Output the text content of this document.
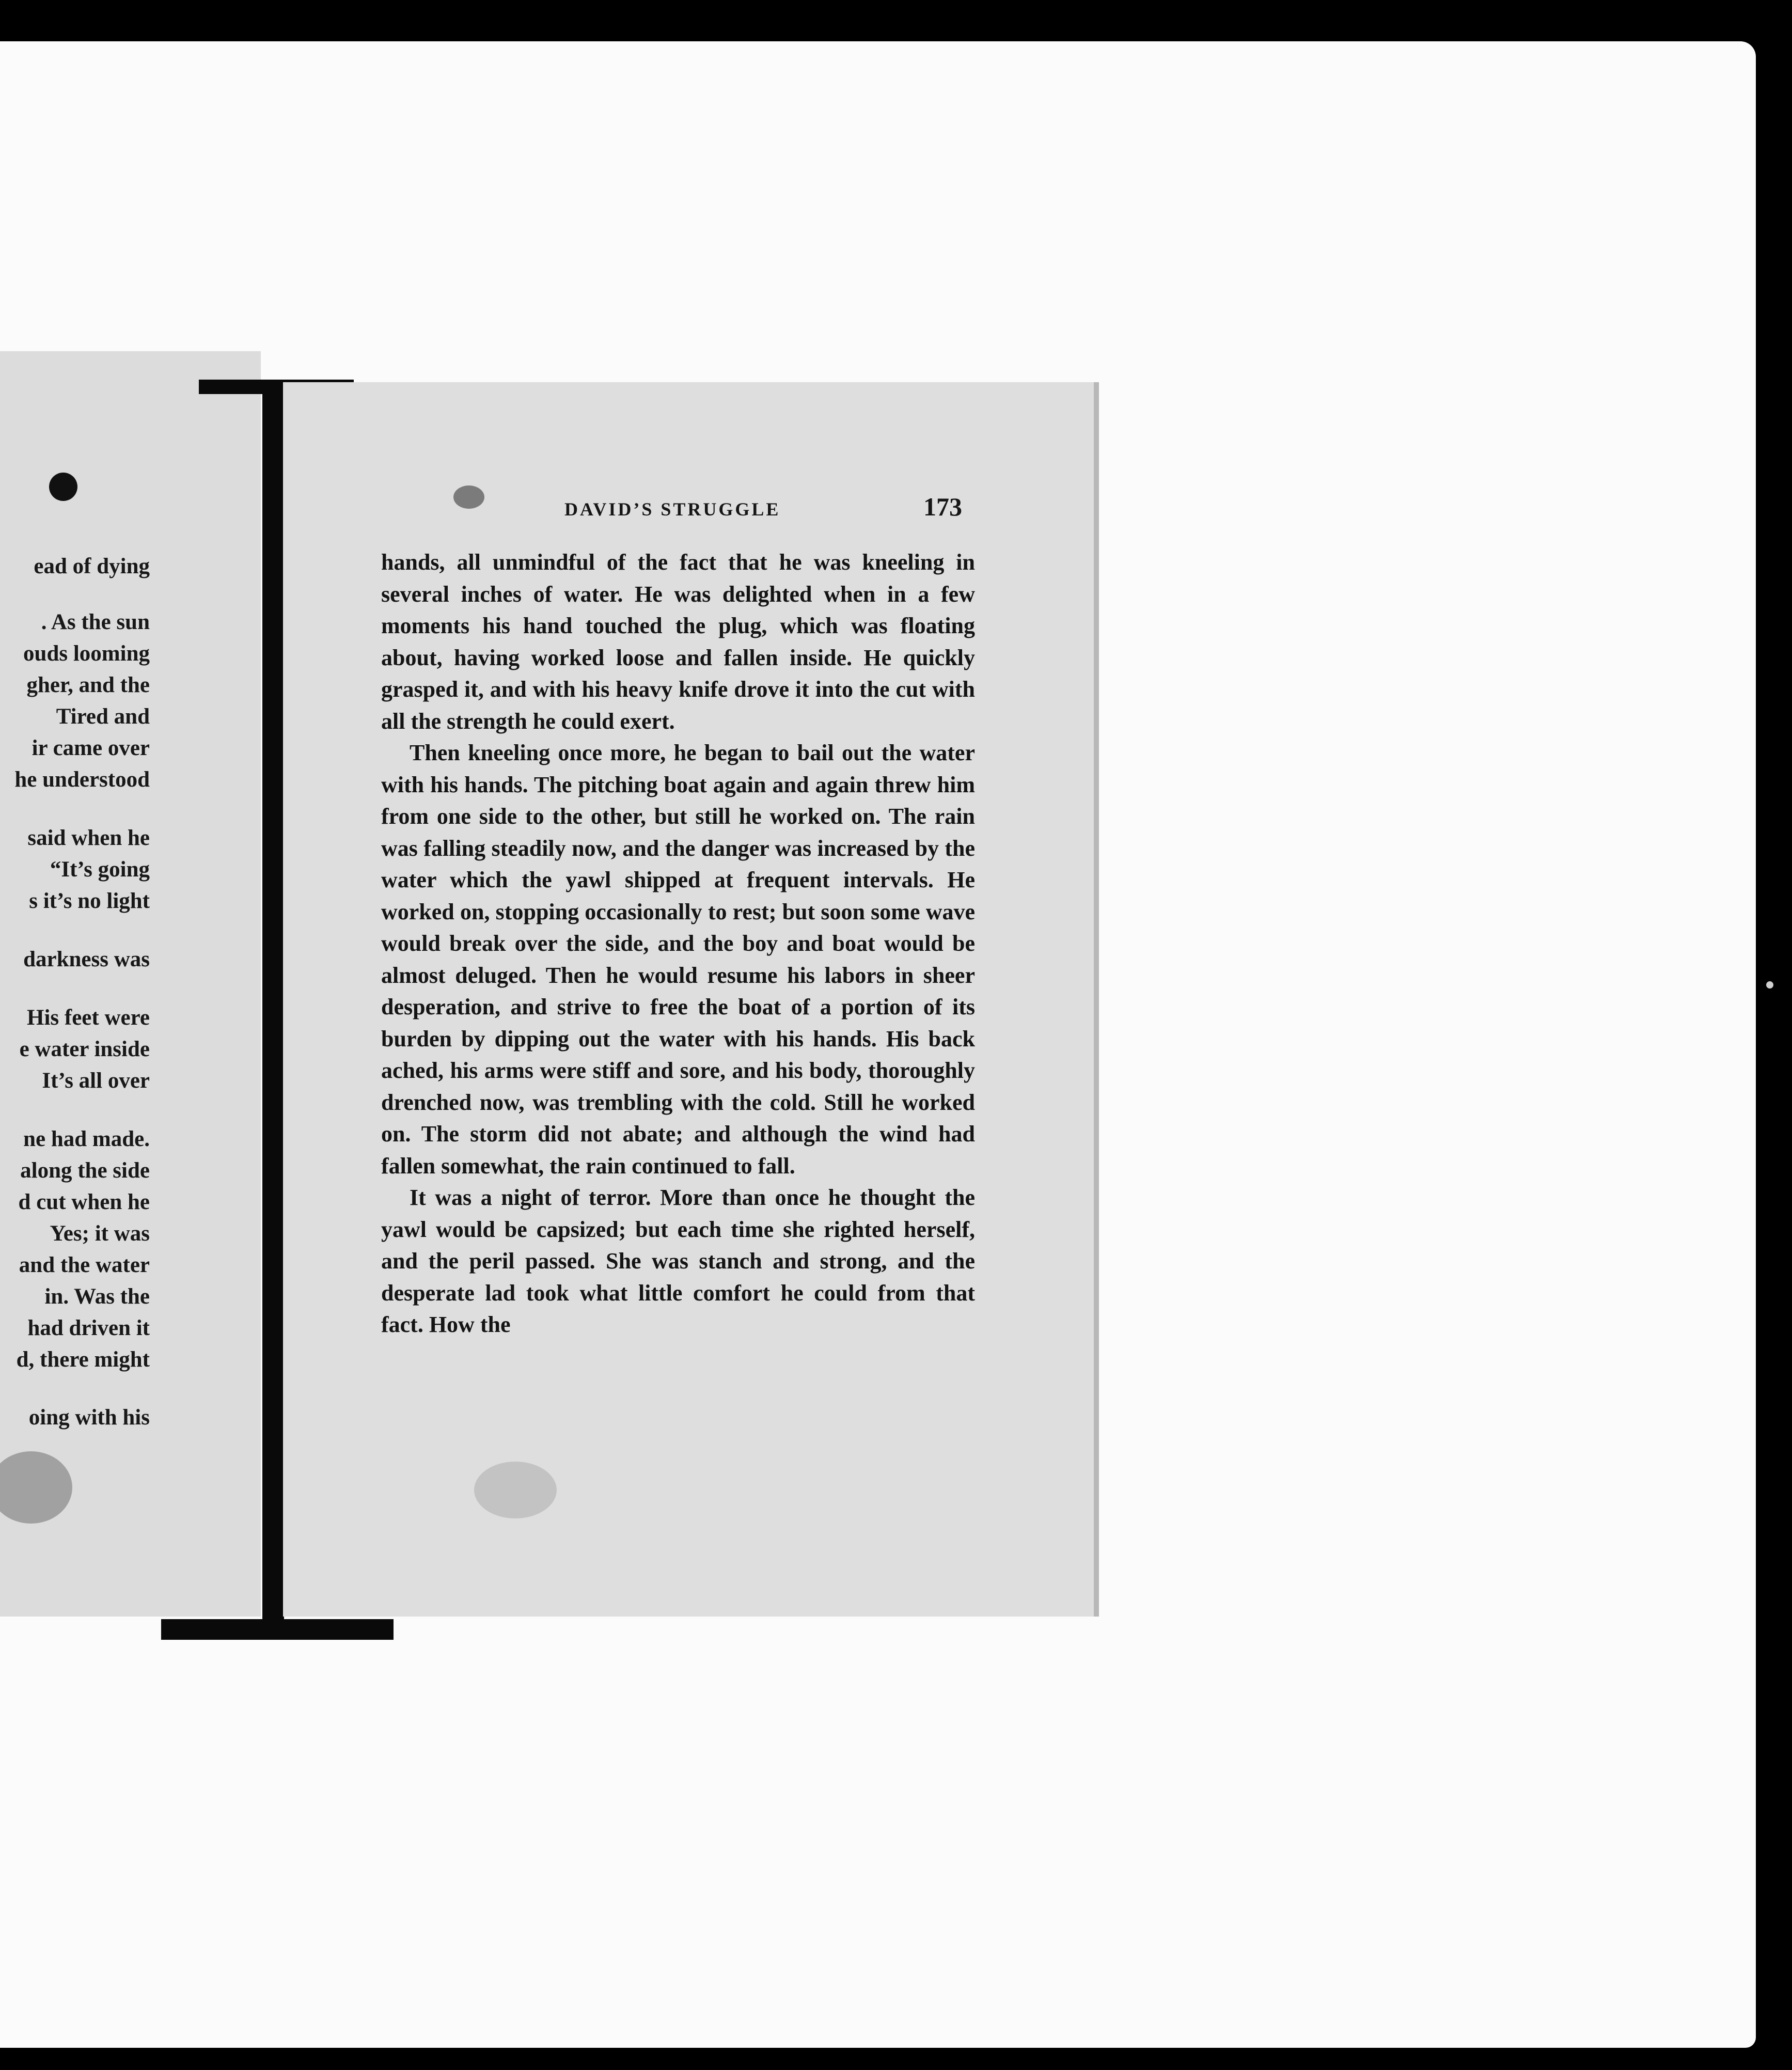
ead of dying
. As the sun
ouds looming
gher, and the
Tired and
ir came over
he understood
said when he
“It’s going
s it’s no light
darkness was
His feet were
e water inside
It’s all over
ne had made.
along the side
d cut when he
Yes; it was
and the water
in. Was the
had driven it
d, there might
oing with his
DAVID’S STRUGGLE	173

hands, all unmindful of the fact that he was kneeling in several inches of water. He was delighted when in a few moments his hand touched the plug, which was floating about, having worked loose and fallen inside. He quickly grasped it, and with his heavy knife drove it into the cut with all the strength he could exert.

Then kneeling once more, he began to bail out the water with his hands. The pitching boat again and again threw him from one side to the other, but still he worked on. The rain was falling steadily now, and the danger was increased by the water which the yawl shipped at frequent intervals. He worked on, stopping occasionally to rest; but soon some wave would break over the side, and the boy and boat would be almost deluged. Then he would resume his labors in sheer desperation, and strive to free the boat of a portion of its burden by dipping out the water with his hands. His back ached, his arms were stiff and sore, and his body, thoroughly drenched now, was trembling with the cold. Still he worked on. The storm did not abate; and although the wind had fallen somewhat, the rain continued to fall.

It was a night of terror. More than once he thought the yawl would be capsized; but each time she righted herself, and the peril passed. She was stanch and strong, and the desperate lad took what little comfort he could from that fact. How the
